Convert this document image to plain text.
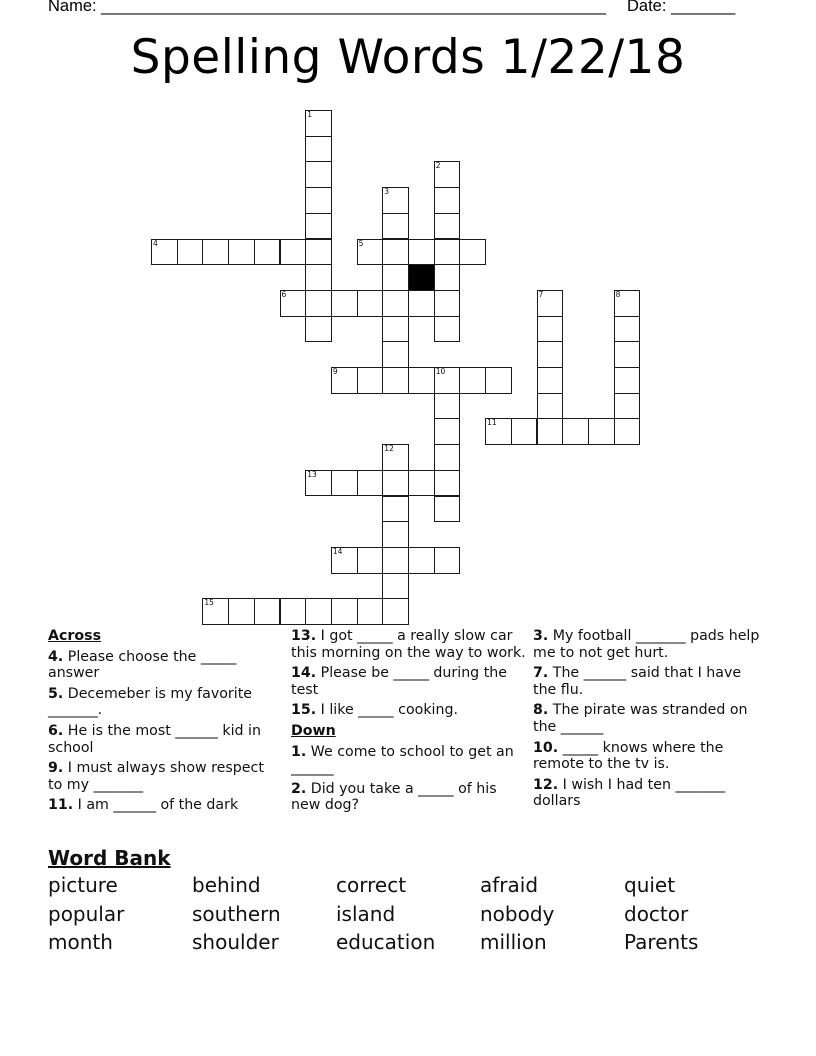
Name: _______________________________________________________ Date: _______
Spelling Words 1/22/18
1
2
3
4	5
6	7	8
9	10
11
12
13
14
15
Across
4. Please choose the _____ answer
5. Decemeber is my favorite _______.
6. He is the most ______ kid in school
9. I must always show respect to my _______
11. I am ______ of the dark
13. I got _____ a really slow car this morning on the way to work.
14. Please be _____ during the test
15. I like _____ cooking.
Down
1. We come to school to get an ______
2. Did you take a _____ of his new dog?
3. My football _______ pads help me to not get hurt.
7. The ______ said that I have the flu.
8. The pirate was stranded on the ______
10. _____ knows where the remote to the tv is.
12. I wish I had ten _______ dollars
Word Bank
picture	behind	correct	afraid	quiet
popular	southern	island	nobody	doctor
month	shoulder	education	million	Parents
